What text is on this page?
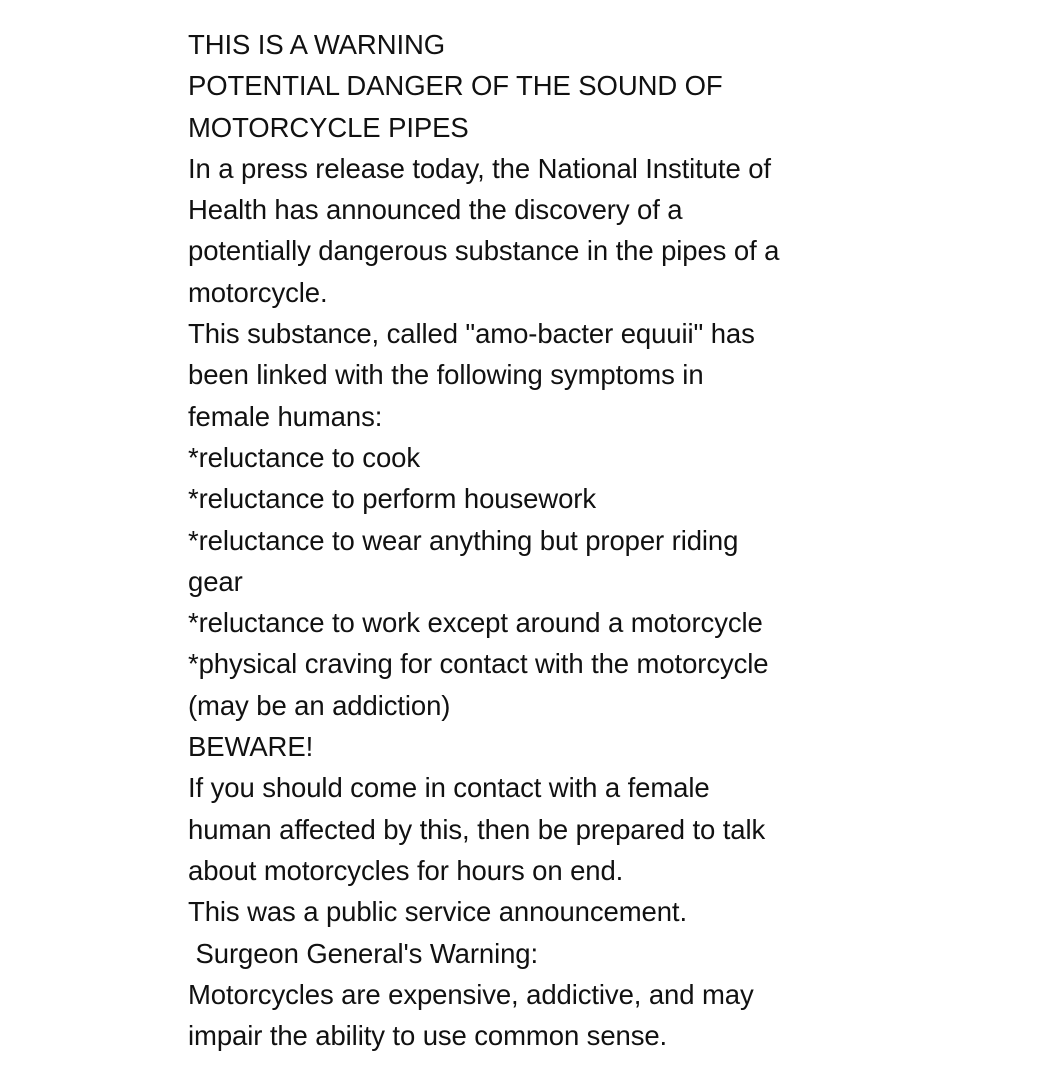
THIS IS A WARNING
POTENTIAL DANGER OF THE SOUND OF
MOTORCYCLE PIPES
In a press release today, the National Institute of
Health has announced the discovery of a
potentially dangerous substance in the pipes of a
motorcycle.
This substance, called "amo-bacter equuii" has
been linked with the following symptoms in
female humans:
*reluctance to cook
*reluctance to perform housework
*reluctance to wear anything but proper riding
gear
*reluctance to work except around a motorcycle
*physical craving for contact with the motorcycle
(may be an addiction)
BEWARE!
If you should come in contact with a female
human affected by this, then be prepared to talk
about motorcycles for hours on end.
This was a public service announcement.
Surgeon General's Warning:
Motorcycles are expensive, addictive, and may
impair the ability to use common sense.
